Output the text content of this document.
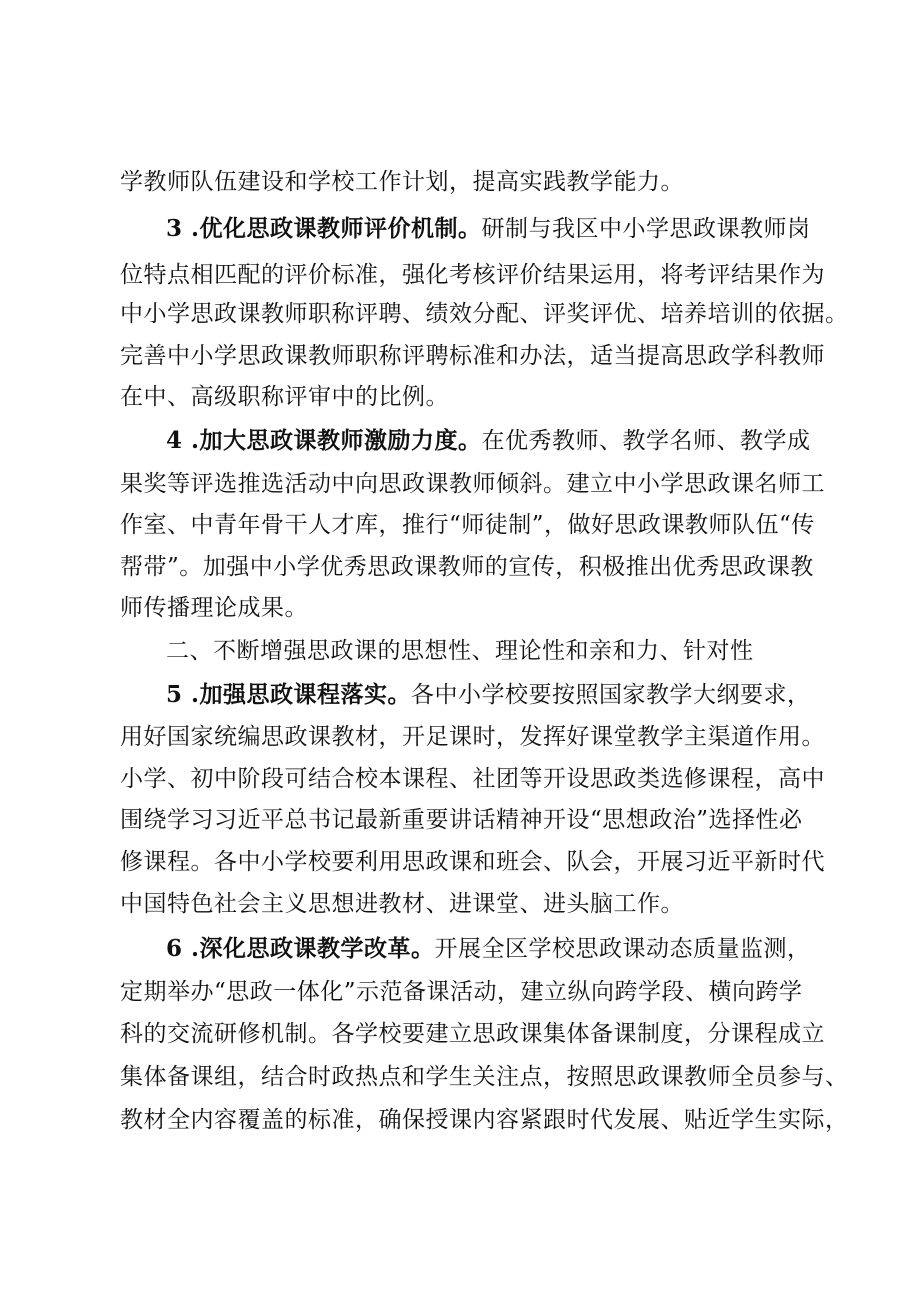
学教师队伍建设和学校工作计划，提高实践教学能力。
3 .优化思政课教师评价机制。研制与我区中小学思政课教师岗
位特点相匹配的评价标准，强化考核评价结果运用，将考评结果作为
中小学思政课教师职称评聘、绩效分配、评奖评优、培养培训的依据。
完善中小学思政课教师职称评聘标准和办法，适当提高思政学科教师
在中、高级职称评审中的比例。
4 .加大思政课教师激励力度。在优秀教师、教学名师、教学成
果奖等评选推选活动中向思政课教师倾斜。建立中小学思政课名师工
作室、中青年骨干人才库，推行“师徒制”，做好思政课教师队伍“传
帮带”。加强中小学优秀思政课教师的宣传，积极推出优秀思政课教
师传播理论成果。
二、不断增强思政课的思想性、理论性和亲和力、针对性
5 .加强思政课程落实。各中小学校要按照国家教学大纲要求，
用好国家统编思政课教材，开足课时，发挥好课堂教学主渠道作用。
小学、初中阶段可结合校本课程、社团等开设思政类选修课程，高中
围绕学习习近平总书记最新重要讲话精神开设“思想政治”选择性必
修课程。各中小学校要利用思政课和班会、队会，开展习近平新时代
中国特色社会主义思想进教材、进课堂、进头脑工作。
6 .深化思政课教学改革。开展全区学校思政课动态质量监测，
定期举办“思政一体化”示范备课活动，建立纵向跨学段、横向跨学
科的交流研修机制。各学校要建立思政课集体备课制度，分课程成立
集体备课组，结合时政热点和学生关注点，按照思政课教师全员参与、
教材全内容覆盖的标准，确保授课内容紧跟时代发展、贴近学生实际，
